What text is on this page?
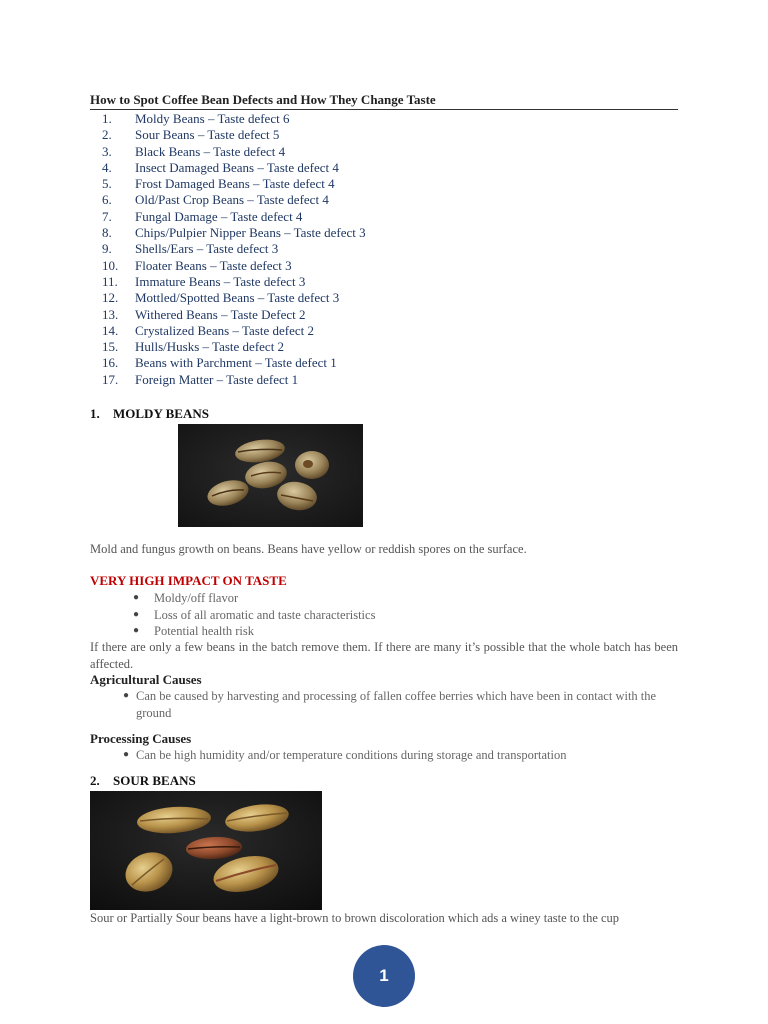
How to Spot Coffee Bean Defects and How They Change Taste
1. Moldy Beans – Taste defect 6
2. Sour Beans – Taste defect 5
3. Black Beans – Taste defect 4
4. Insect Damaged Beans – Taste defect 4
5. Frost Damaged Beans – Taste defect 4
6. Old/Past Crop Beans – Taste defect 4
7. Fungal Damage – Taste defect 4
8. Chips/Pulpier Nipper Beans – Taste defect 3
9. Shells/Ears – Taste defect 3
10. Floater Beans – Taste defect 3
11. Immature Beans – Taste defect 3
12. Mottled/Spotted Beans – Taste defect 3
13. Withered Beans – Taste Defect 2
14. Crystalized Beans – Taste defect 2
15. Hulls/Husks – Taste defect 2
16. Beans with Parchment – Taste defect 1
17. Foreign Matter – Taste defect 1
1. MOLDY BEANS
Mold and fungus growth on beans. Beans have yellow or reddish spores on the surface.
VERY HIGH IMPACT ON TASTE
● Moldy/off flavor
● Loss of all aromatic and taste characteristics
● Potential health risk
If there are only a few beans in the batch remove them. If there are many it’s possible that the whole batch has been affected.
Agricultural Causes
● Can be caused by harvesting and processing of fallen coffee berries which have been in contact with the ground
Processing Causes
● Can be high humidity and/or temperature conditions during storage and transportation
2. SOUR BEANS
Sour or Partially Sour beans have a light-brown to brown discoloration which ads a winey taste to the cup
1
